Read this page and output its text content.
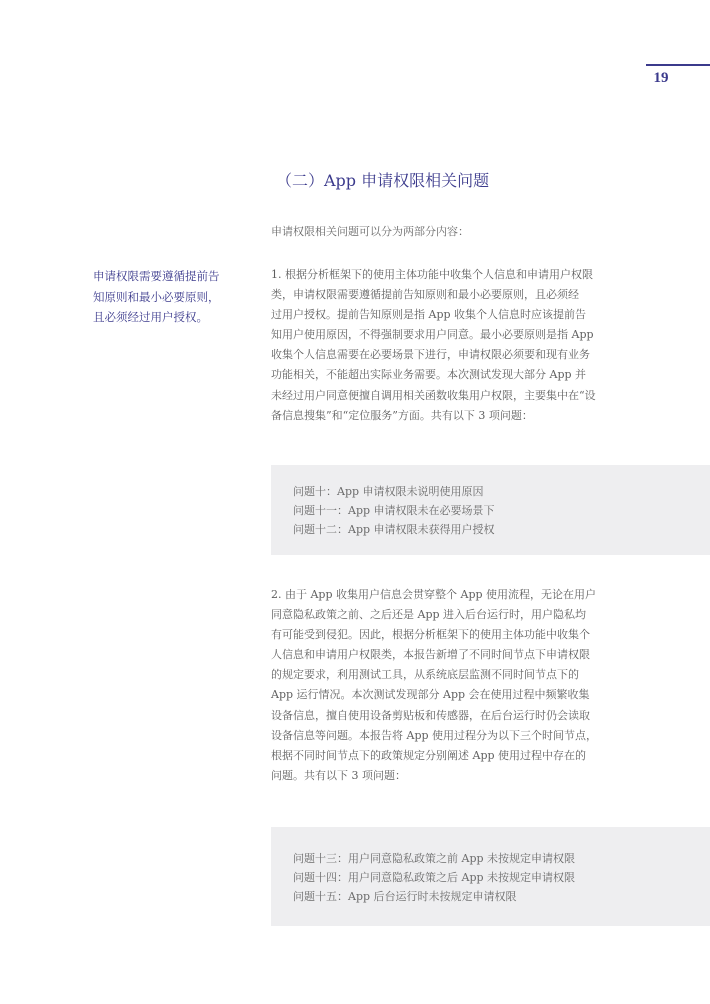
19
（二）App 申请权限相关问题
申请权限相关问题可以分为两部分内容：
申请权限需要遵循提前告
知原则和最小必要原则，
且必须经过用户授权。
1. 根据分析框架下的使用主体功能中收集个人信息和申请用户权限
类，申请权限需要遵循提前告知原则和最小必要原则，且必须经
过用户授权。提前告知原则是指 App 收集个人信息时应该提前告
知用户使用原因，不得强制要求用户同意。最小必要原则是指 App
收集个人信息需要在必要场景下进行，申请权限必须要和现有业务
功能相关，不能超出实际业务需要。本次测试发现大部分 App 并
未经过用户同意便擅自调用相关函数收集用户权限，主要集中在“设
备信息搜集”和“定位服务”方面。共有以下 3 项问题：
问题十：App 申请权限未说明使用原因
问题十一：App 申请权限未在必要场景下
问题十二：App 申请权限未获得用户授权
2. 由于 App 收集用户信息会贯穿整个 App 使用流程，无论在用户
同意隐私政策之前、之后还是 App 进入后台运行时，用户隐私均
有可能受到侵犯。因此，根据分析框架下的使用主体功能中收集个
人信息和申请用户权限类，本报告新增了不同时间节点下申请权限
的规定要求，利用测试工具，从系统底层监测不同时间节点下的
App 运行情况。本次测试发现部分 App 会在使用过程中频繁收集
设备信息，擅自使用设备剪贴板和传感器，在后台运行时仍会读取
设备信息等问题。本报告将 App 使用过程分为以下三个时间节点，
根据不同时间节点下的政策规定分别阐述 App 使用过程中存在的
问题。共有以下 3 项问题：
问题十三：用户同意隐私政策之前 App 未按规定申请权限
问题十四：用户同意隐私政策之后 App 未按规定申请权限
问题十五：App 后台运行时未按规定申请权限
